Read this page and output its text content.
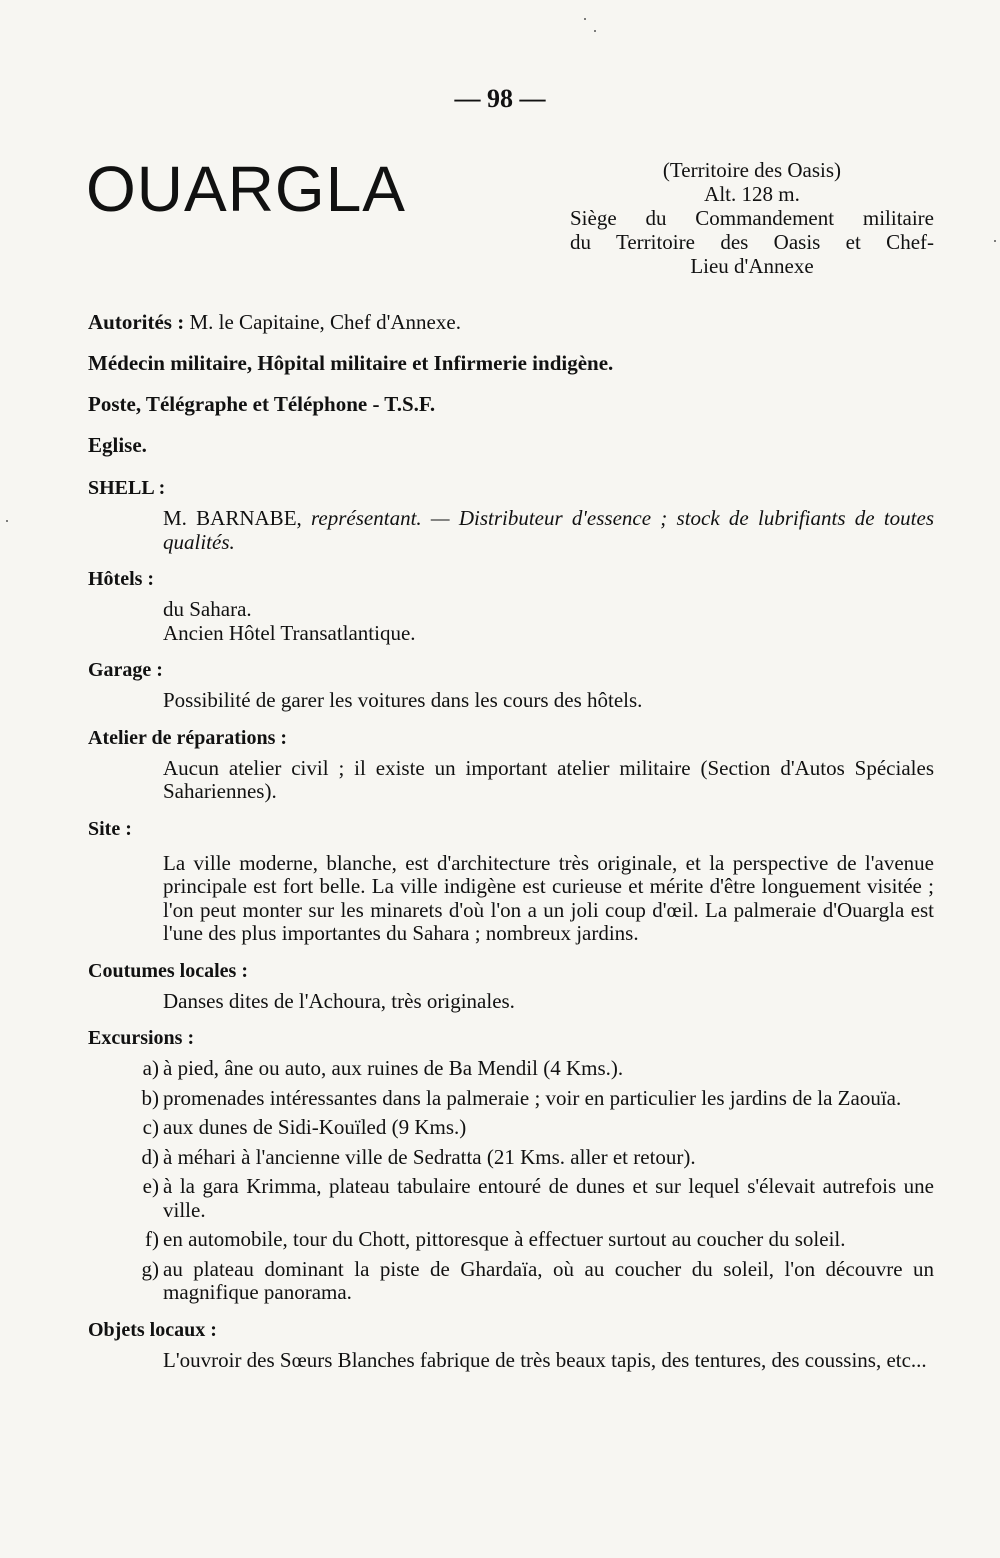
— 98 —
OUARGLA	(Territoire des Oasis)
Alt. 128 m.
Siège du Commandement militaire
du Territoire des Oasis et Chef-
Lieu d'Annexe

Autorités : M. le Capitaine, Chef d'Annexe.

Médecin militaire, Hôpital militaire et Infirmerie indigène.

Poste, Télégraphe et Téléphone - T.S.F.

Eglise.

SHELL :
M. BARNABE, représentant. — Distributeur d'essence ; stock de lubrifiants de toutes qualités.
Hôtels :
du Sahara.
Ancien Hôtel Transatlantique.
Garage :
Possibilité de garer les voitures dans les cours des hôtels.
Atelier de réparations :
Aucun atelier civil ; il existe un important atelier militaire (Section d'Autos Spéciales Sahariennes).
Site :
La ville moderne, blanche, est d'architecture très originale, et la perspective de l'avenue principale est fort belle. La ville indigène est curieuse et mérite d'être longuement visitée ; l'on peut monter sur les minarets d'où l'on a un joli coup d'œil. La palmeraie d'Ouargla est l'une des plus importantes du Sahara ; nombreux jardins.
Coutumes locales :
Danses dites de l'Achoura, très originales.
Excursions :
a) à pied, âne ou auto, aux ruines de Ba Mendil (4 Kms.).
b) promenades intéressantes dans la palmeraie ; voir en particulier les jardins de la Zaouïa.
c) aux dunes de Sidi-Kouïled (9 Kms.)
d) à méhari à l'ancienne ville de Sedratta (21 Kms. aller et retour).
e) à la gara Krimma, plateau tabulaire entouré de dunes et sur lequel s'élevait autrefois une ville.
f) en automobile, tour du Chott, pittoresque à effectuer surtout au coucher du soleil.
g) au plateau dominant la piste de Ghardaïa, où au coucher du soleil, l'on découvre un magnifique panorama.
Objets locaux :
L'ouvroir des Sœurs Blanches fabrique de très beaux tapis, des tentures, des coussins, etc...
